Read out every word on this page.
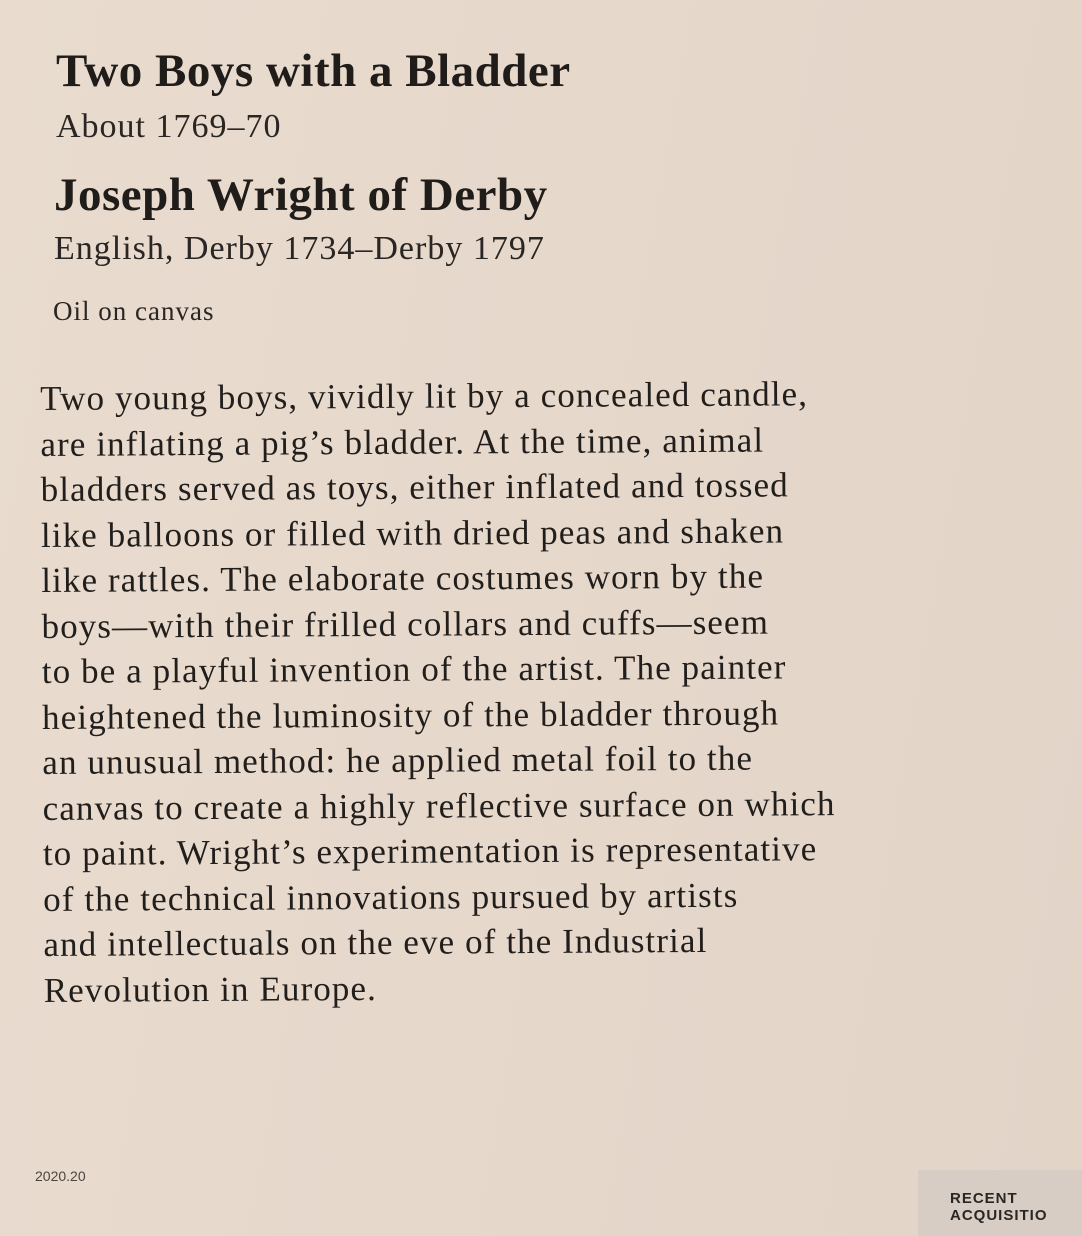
Two Boys with a Bladder
About 1769–70
Joseph Wright of Derby
English, Derby 1734–Derby 1797
Oil on canvas
Two young boys, vividly lit by a concealed candle,
are inflating a pig’s bladder. At the time, animal
bladders served as toys, either inflated and tossed
like balloons or filled with dried peas and shaken
like rattles. The elaborate costumes worn by the
boys—with their frilled collars and cuffs—seem
to be a playful invention of the artist. The painter
heightened the luminosity of the bladder through
an unusual method: he applied metal foil to the
canvas to create a highly reflective surface on which
to paint. Wright’s experimentation is representative
of the technical innovations pursued by artists
and intellectuals on the eve of the Industrial
Revolution in Europe.
2020.20
RECENT
ACQUISITIO
